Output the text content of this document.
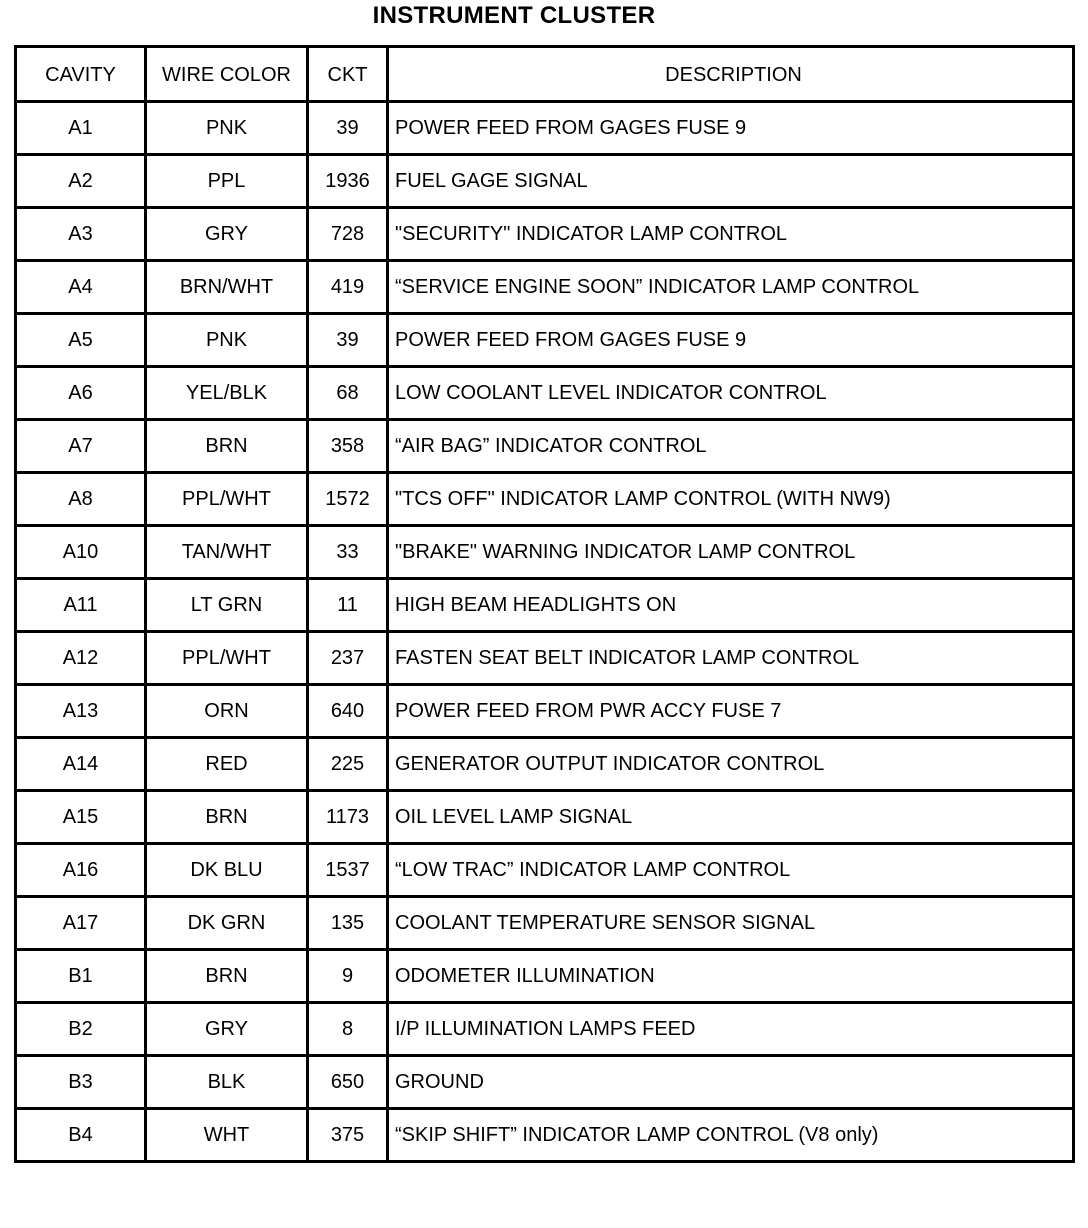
INSTRUMENT CLUSTER
CAVITY	WIRE COLOR	CKT	DESCRIPTION
A1	PNK	39	POWER FEED FROM GAGES FUSE 9
A2	PPL	1936	FUEL GAGE SIGNAL
A3	GRY	728	"SECURITY" INDICATOR LAMP CONTROL
A4	BRN/WHT	419	“SERVICE ENGINE SOON” INDICATOR LAMP CONTROL
A5	PNK	39	POWER FEED FROM GAGES FUSE 9
A6	YEL/BLK	68	LOW COOLANT LEVEL INDICATOR CONTROL
A7	BRN	358	“AIR BAG” INDICATOR CONTROL
A8	PPL/WHT	1572	"TCS OFF" INDICATOR LAMP CONTROL (WITH NW9)
A10	TAN/WHT	33	"BRAKE" WARNING INDICATOR LAMP CONTROL
A11	LT GRN	11	HIGH BEAM HEADLIGHTS ON
A12	PPL/WHT	237	FASTEN SEAT BELT INDICATOR LAMP CONTROL
A13	ORN	640	POWER FEED FROM PWR ACCY FUSE 7
A14	RED	225	GENERATOR OUTPUT INDICATOR CONTROL
A15	BRN	1173	OIL LEVEL LAMP SIGNAL
A16	DK BLU	1537	“LOW TRAC” INDICATOR LAMP CONTROL
A17	DK GRN	135	COOLANT TEMPERATURE SENSOR SIGNAL
B1	BRN	9	ODOMETER ILLUMINATION
B2	GRY	8	I/P ILLUMINATION LAMPS FEED
B3	BLK	650	GROUND
B4	WHT	375	“SKIP SHIFT” INDICATOR LAMP CONTROL (V8 only)
